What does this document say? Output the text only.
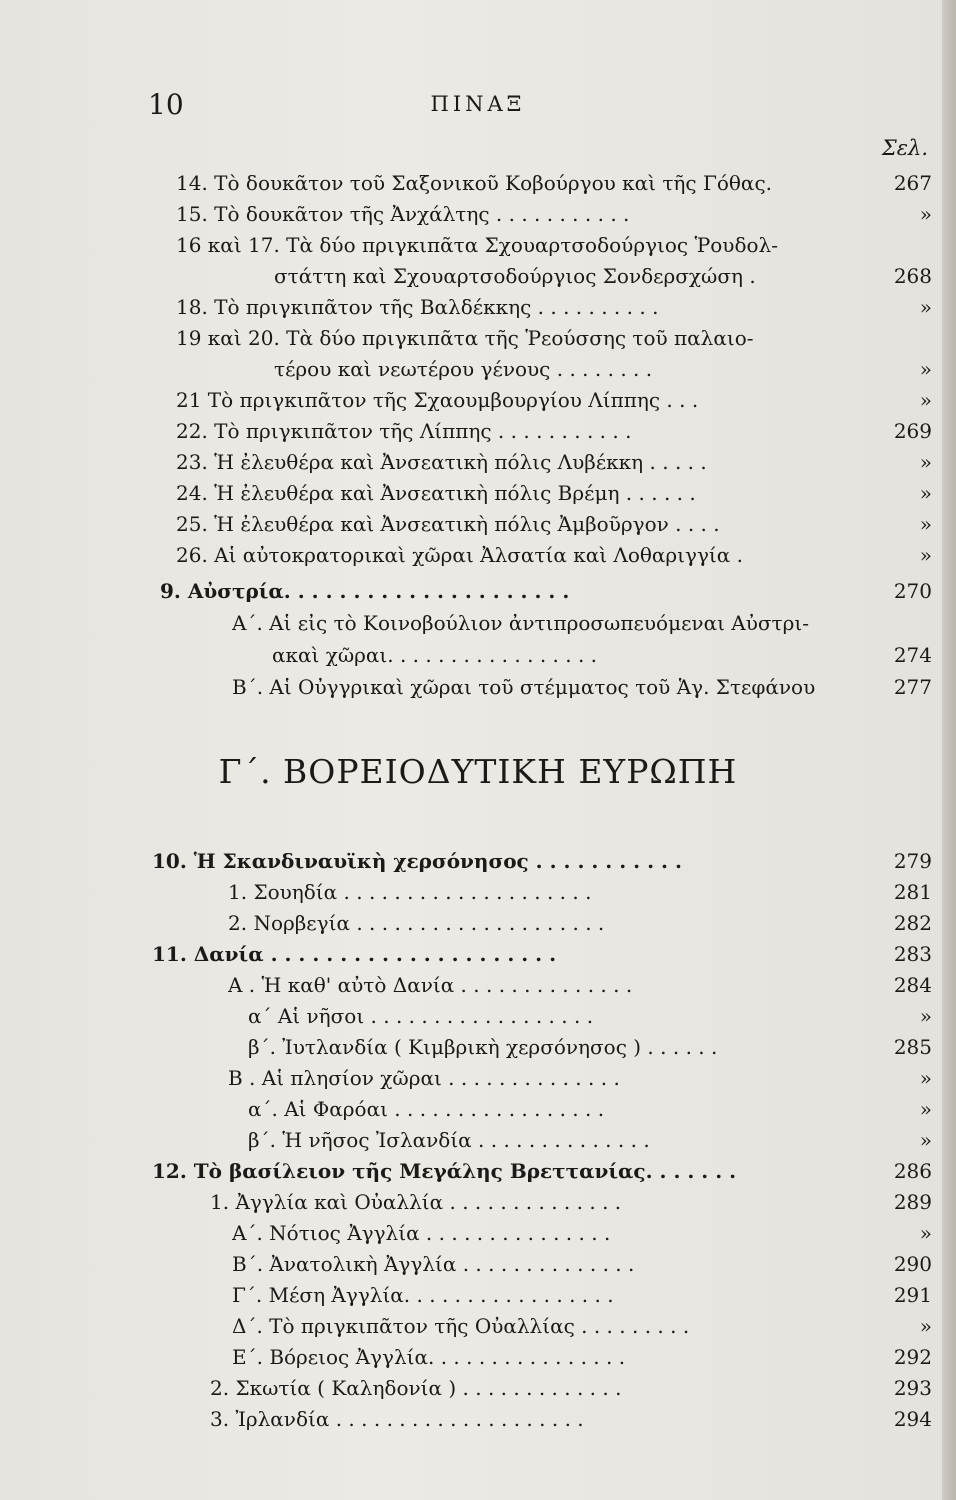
10	ΠΙΝΑΞ
Σελ.
Γ΄. ΒΟΡΕΙΟΔΥΤΙΚΗ ΕΥΡΩΠΗ
14. Τὸ δουκᾶτον τοῦ Σαξονικοῦ Κοβούργου καὶ τῆς Γόθας.	267
15. Τὸ δουκᾶτον τῆς Ἀνχάλτης . . . . . . . . . . .	»
16 καὶ 17. Τὰ δύο πριγκιπᾶτα Σχουαρτσοδούργιος Ῥουδολ-
στάττη καὶ Σχουαρτσοδούργιος Σονδερσχώση .	268
18. Τὸ πριγκιπᾶτον τῆς Βαλδέκκης . . . . . . . . . .	»
19 καὶ 20. Τὰ δύο πριγκιπᾶτα τῆς Ῥεούσσης τοῦ παλαιο-
τέρου καὶ νεωτέρου γένους . . . . . . . .	»
21 Τὸ πριγκιπᾶτον τῆς Σχαουμβουργίου Λίππης . . .	»
22. Τὸ πριγκιπᾶτον τῆς Λίππης . . . . . . . . . . .	269
23. Ἡ ἐλευθέρα καὶ Ἀνσεατικὴ πόλις Λυβέκκη . . . . .	»
24. Ἡ ἐλευθέρα καὶ Ἀνσεατικὴ πόλις Βρέμη . . . . . .	»
25. Ἡ ἐλευθέρα καὶ Ἀνσεατικὴ πόλις Ἀμβοῦργον . . . .	»
26. Αἱ αὐτοκρατορικαὶ χῶραι Ἀλσατία καὶ Λοθαριγγία .	»
9. Αὐστρία. . . . . . . . . . . . . . . . . . . . .	270
Α΄. Αἱ εἰς τὸ Κοινοβούλιον ἀντιπροσωπευόμεναι Αὐστρι-
ακαὶ χῶραι. . . . . . . . . . . . . . . . .	274
Β΄. Αἱ Οὐγγρικαὶ χῶραι τοῦ στέμματος τοῦ Ἁγ. Στεφάνου	277
10. Ἡ Σκανδιναυϊκὴ χερσόνησος . . . . . . . . . . .	279
1. Σουηδία . . . . . . . . . . . . . . . . . . . .	281
2. Νορβεγία . . . . . . . . . . . . . . . . . . . .	282
11. Δανία . . . . . . . . . . . . . . . . . . . . .	283
Α . Ἡ καθ' αὐτὸ Δανία . . . . . . . . . . . . . .	284
α΄ Αἱ νῆσοι . . . . . . . . . . . . . . . . . .	»
β΄. Ἰυτλανδία ( Κιμβρικὴ χερσόνησος ) . . . . . .	285
Β . Αἱ πλησίον χῶραι . . . . . . . . . . . . . .	»
α΄. Αἱ Φαρόαι . . . . . . . . . . . . . . . . .	»
β΄. Ἡ νῆσος Ἰσλανδία . . . . . . . . . . . . . .	»
12. Τὸ βασίλειον τῆς Μεγάλης Βρεττανίας. . . . . . .	286
1. Ἀγγλία καὶ Οὐαλλία . . . . . . . . . . . . . .	289
Α΄. Νότιος Ἀγγλία . . . . . . . . . . . . . . .	»
Β΄. Ἀνατολικὴ Ἀγγλία . . . . . . . . . . . . . .	290
Γ΄. Μέση Ἀγγλία. . . . . . . . . . . . . . . . .	291
Δ΄. Τὸ πριγκιπᾶτον τῆς Οὐαλλίας . . . . . . . . .	»
Ε΄. Βόρειος Ἀγγλία. . . . . . . . . . . . . . . .	292
2. Σκωτία ( Καληδονία ) . . . . . . . . . . . . .	293
3. Ἰρλανδία . . . . . . . . . . . . . . . . . . . .	294
